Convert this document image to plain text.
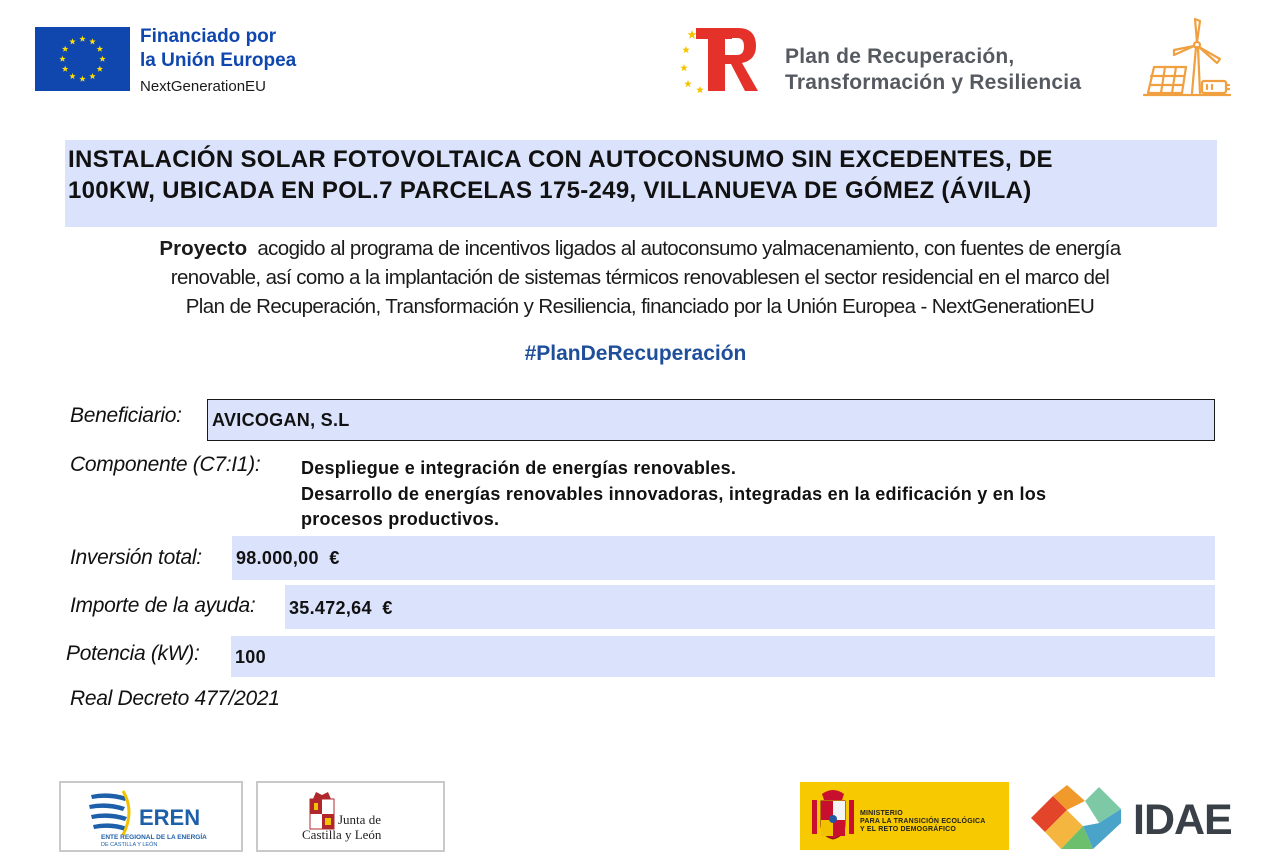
Financiado por
la Unión Europea
NextGenerationEU
Plan de Recuperación,
Transformación y Resiliencia
INSTALACIÓN SOLAR FOTOVOLTAICA CON AUTOCONSUMO SIN EXCEDENTES, DE
100KW, UBICADA EN POL.7 PARCELAS 175-249, VILLANUEVA DE GÓMEZ (ÁVILA)
Proyecto acogido al programa de incentivos ligados al autoconsumo yalmacenamiento, con fuentes de energía
renovable, así como a la implantación de sistemas térmicos renovablesen el sector residencial en el marco del
Plan de Recuperación, Transformación y Resiliencia, financiado por la Unión Europea - NextGenerationEU
#PlanDeRecuperación
Beneficiario: AVICOGAN, S.L
Componente (C7:I1): Despliegue e integración de energías renovables.
Desarrollo de energías renovables innovadoras, integradas en la edificación y en los
procesos productivos.
Inversión total: 98.000,00  €
Importe de la ayuda: 35.472,64  €
Potencia (kW): 100
Real Decreto 477/2021
EREN
ENTE REGIONAL DE LA ENERGÍA
DE CASTILLA Y LEÓN
Junta de
Castilla y León
MINISTERIO
PARA LA TRANSICIÓN ECOLÓGICA
Y EL RETO DEMOGRÁFICO	IDAE
